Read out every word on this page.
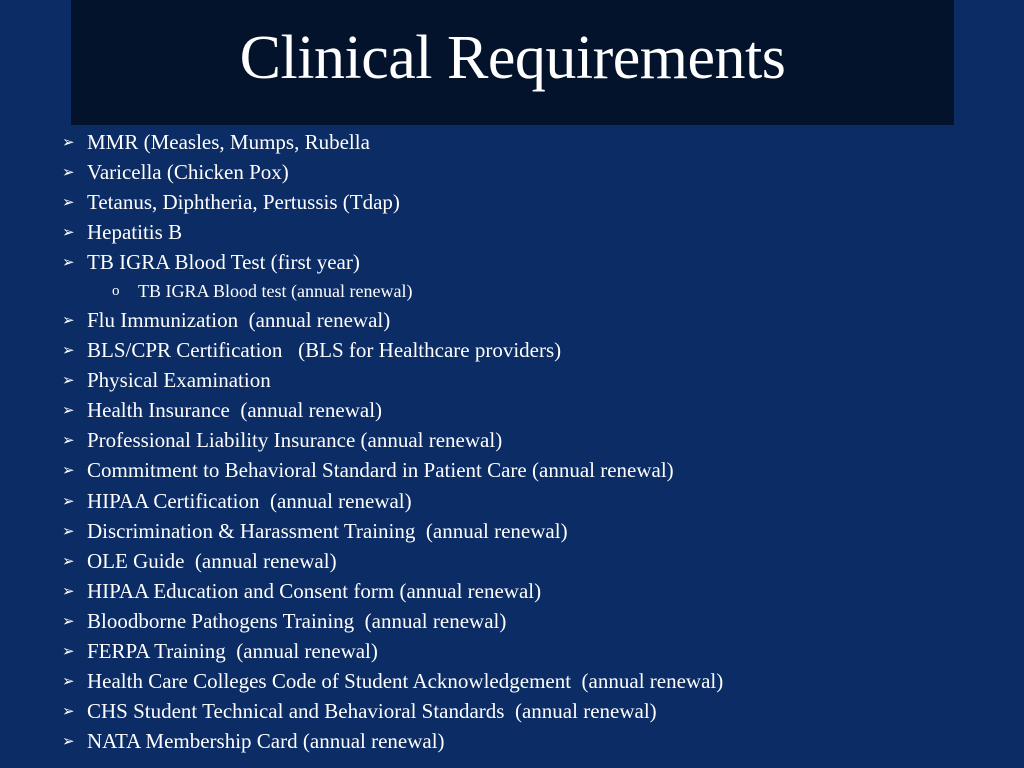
Clinical Requirements
➢ MMR (Measles, Mumps, Rubella
➢ Varicella (Chicken Pox)
➢ Tetanus, Diphtheria, Pertussis (Tdap)
➢ Hepatitis B
➢ TB IGRA Blood Test (first year)
o	TB IGRA Blood test (annual renewal)
➢ Flu Immunization  (annual renewal)
➢ BLS/CPR Certification   (BLS for Healthcare providers)
➢ Physical Examination
➢ Health Insurance  (annual renewal)
➢ Professional Liability Insurance (annual renewal)
➢ Commitment to Behavioral Standard in Patient Care (annual renewal)
➢ HIPAA Certification  (annual renewal)
➢ Discrimination & Harassment Training  (annual renewal)
➢ OLE Guide  (annual renewal)
➢ HIPAA Education and Consent form (annual renewal)
➢ Bloodborne Pathogens Training  (annual renewal)
➢ FERPA Training  (annual renewal)
➢ Health Care Colleges Code of Student Acknowledgement  (annual renewal)
➢ CHS Student Technical and Behavioral Standards  (annual renewal)
➢ NATA Membership Card (annual renewal)
